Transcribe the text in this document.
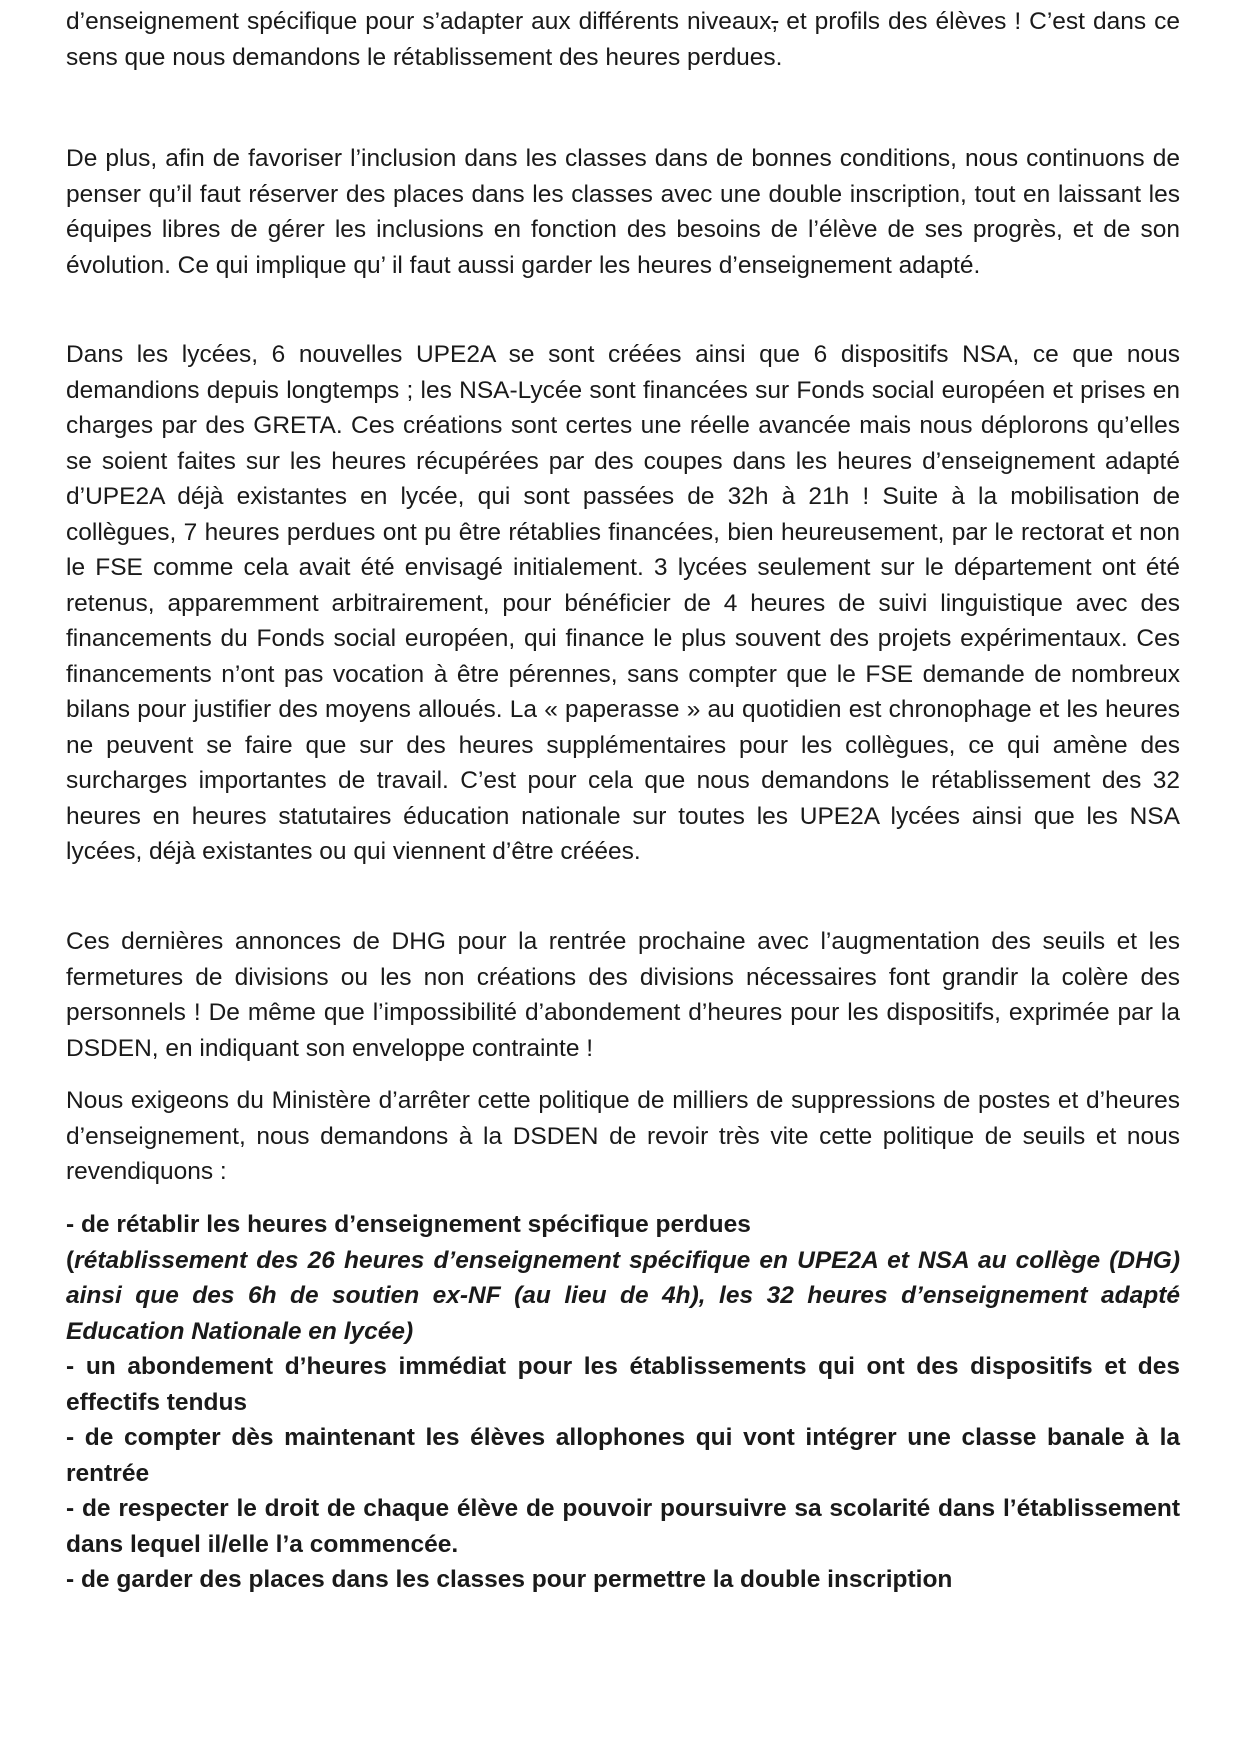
d’enseignement spécifique pour s’adapter aux différents niveaux, et profils des élèves ! C’est dans ce sens que nous demandons le rétablissement des heures perdues.

De plus, afin de favoriser l’inclusion dans les classes dans de bonnes conditions, nous continuons de penser qu’il faut réserver des places dans les classes avec une double inscription, tout en laissant les équipes libres de gérer les inclusions en fonction des besoins de l’élève de ses progrès, et de son évolution. Ce qui implique qu’ il faut aussi garder les heures d’enseignement adapté.

Dans les lycées, 6 nouvelles UPE2A se sont créées ainsi que 6 dispositifs NSA, ce que nous demandions depuis longtemps ; les NSA-Lycée sont financées sur Fonds social européen et prises en charges par des GRETA. Ces créations sont certes une réelle avancée mais nous déplorons qu’elles se soient faites sur les heures récupérées par des coupes dans les heures d’enseignement adapté d’UPE2A déjà existantes en lycée, qui sont passées de 32h à 21h ! Suite à la mobilisation de collègues, 7 heures perdues ont pu être rétablies financées, bien heureusement, par le rectorat et non le FSE comme cela avait été envisagé initialement. 3 lycées seulement sur le département ont été retenus, apparemment arbitrairement, pour bénéficier de 4 heures de suivi linguistique avec des financements du Fonds social européen, qui finance le plus souvent des projets expérimentaux. Ces financements n’ont pas vocation à être pérennes, sans compter que le FSE demande de nombreux bilans pour justifier des moyens alloués. La « paperasse » au quotidien est chronophage et les heures ne peuvent se faire que sur des heures supplémentaires pour les collègues, ce qui amène des surcharges importantes de travail. C’est pour cela que nous demandons le rétablissement des 32 heures en heures statutaires éducation nationale sur toutes les UPE2A lycées ainsi que les NSA lycées, déjà existantes ou qui viennent d’être créées.

Ces dernières annonces de DHG pour la rentrée prochaine avec l’augmentation des seuils et les fermetures de divisions ou les non créations des divisions nécessaires font grandir la colère des personnels ! De même que l’impossibilité d’abondement d’heures pour les dispositifs, exprimée par la DSDEN, en indiquant son enveloppe contrainte !

Nous exigeons du Ministère d’arrêter cette politique de milliers de suppressions de postes et d’heures d’enseignement, nous demandons à la DSDEN de revoir très vite cette politique de seuils et nous revendiquons :

- de rétablir les heures d’enseignement spécifique perdues

(rétablissement des 26 heures d’enseignement spécifique en UPE2A et NSA au collège (DHG) ainsi que des 6h de soutien ex-NF (au lieu de 4h), les 32 heures d’enseignement adapté Education Nationale en lycée)

- un abondement d’heures immédiat pour les établissements qui ont des dispositifs et des effectifs tendus

- de compter dès maintenant les élèves allophones qui vont intégrer une classe banale à la rentrée

- de respecter le droit de chaque élève de pouvoir poursuivre sa scolarité dans l’établissement dans lequel il/elle l’a commencée.

- de garder des places dans les classes pour permettre la double inscription
